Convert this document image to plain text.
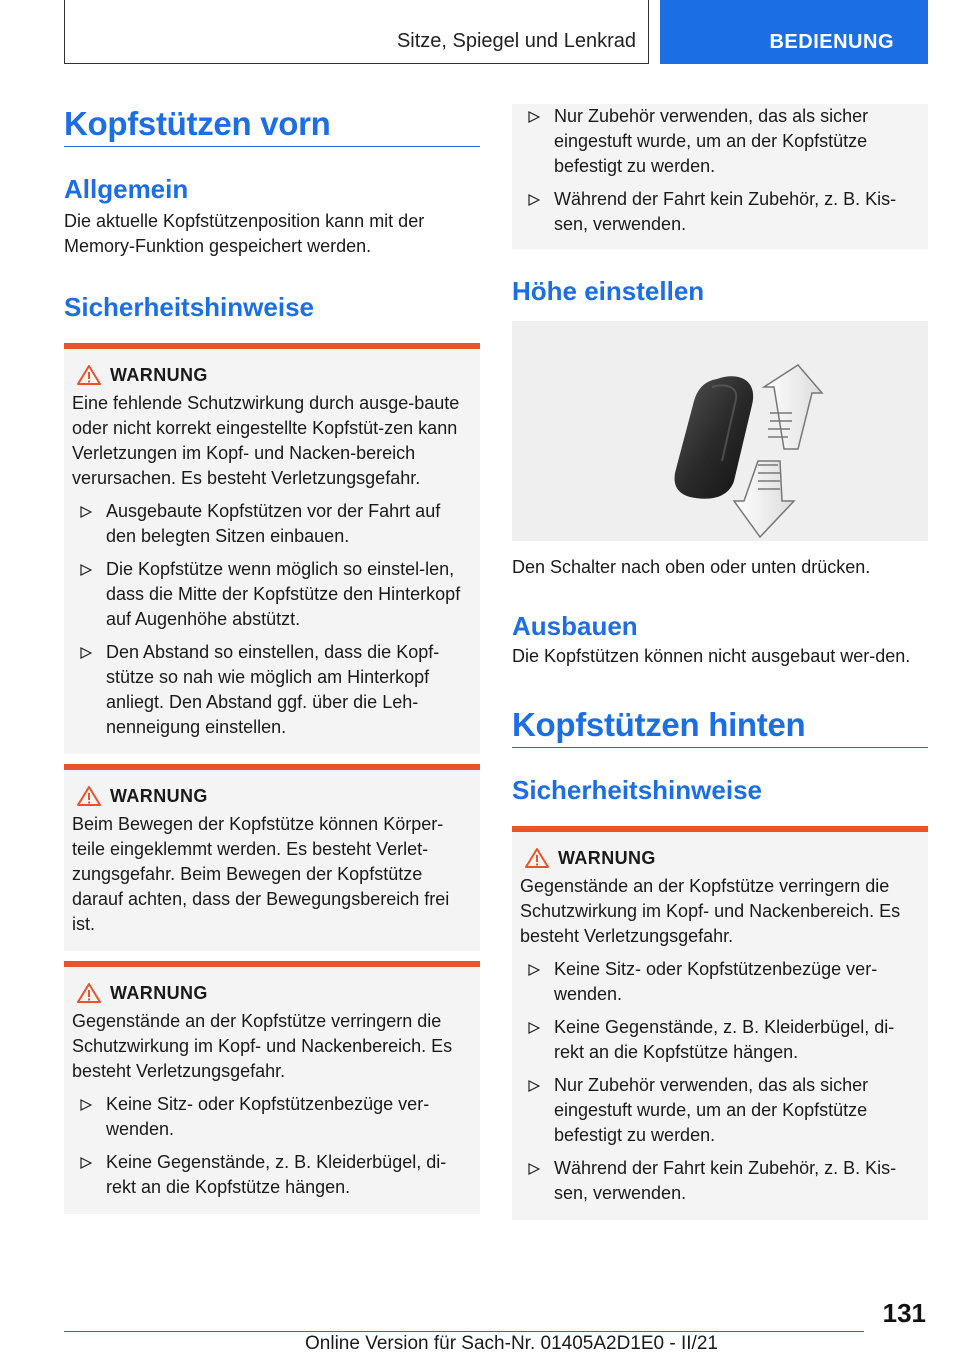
Sitze, Spiegel und Lenkrad	BEDIENUNG
Kopfstützen vorn
Allgemein

Die aktuelle Kopfstützenposition kann mit der Memory-Funktion gespeichert werden.

Sicherheitshinweise
WARNUNG
Eine fehlende Schutzwirkung durch ausge-baute oder nicht korrekt eingestellte Kopfstüt-zen kann Verletzungen im Kopf- und Nacken-bereich verursachen. Es besteht Verletzungsgefahr.
Ausgebaute Kopfstützen vor der Fahrt auf den belegten Sitzen einbauen.
Die Kopfstütze wenn möglich so einstel-len, dass die Mitte der Kopfstütze den Hinterkopf auf Augenhöhe abstützt.
Den Abstand so einstellen, dass die Kopf-stütze so nah wie möglich am Hinterkopf anliegt. Den Abstand ggf. über die Leh-nenneigung einstellen.
WARNUNG
Beim Bewegen der Kopfstütze können Körper-teile eingeklemmt werden. Es besteht Verlet-zungsgefahr. Beim Bewegen der Kopfstütze darauf achten, dass der Bewegungsbereich frei ist.
WARNUNG
Gegenstände an der Kopfstütze verringern die Schutzwirkung im Kopf- und Nackenbereich. Es besteht Verletzungsgefahr.
Keine Sitz- oder Kopfstützenbezüge ver-wenden.
Keine Gegenstände, z. B. Kleiderbügel, di-rekt an die Kopfstütze hängen.
Nur Zubehör verwenden, das als sicher eingestuft wurde, um an der Kopfstütze befestigt zu werden.
Während der Fahrt kein Zubehör, z. B. Kis-sen, verwenden.
Höhe einstellen

Den Schalter nach oben oder unten drücken.

Ausbauen

Die Kopfstützen können nicht ausgebaut wer-den.

Kopfstützen hinten
Sicherheitshinweise
WARNUNG
Gegenstände an der Kopfstütze verringern die Schutzwirkung im Kopf- und Nackenbereich. Es besteht Verletzungsgefahr.
Keine Sitz- oder Kopfstützenbezüge ver-wenden.
Keine Gegenstände, z. B. Kleiderbügel, di-rekt an die Kopfstütze hängen.
Nur Zubehör verwenden, das als sicher eingestuft wurde, um an der Kopfstütze befestigt zu werden.
Während der Fahrt kein Zubehör, z. B. Kis-sen, verwenden.
131
Online Version für Sach-Nr. 01405A2D1E0 - II/21
